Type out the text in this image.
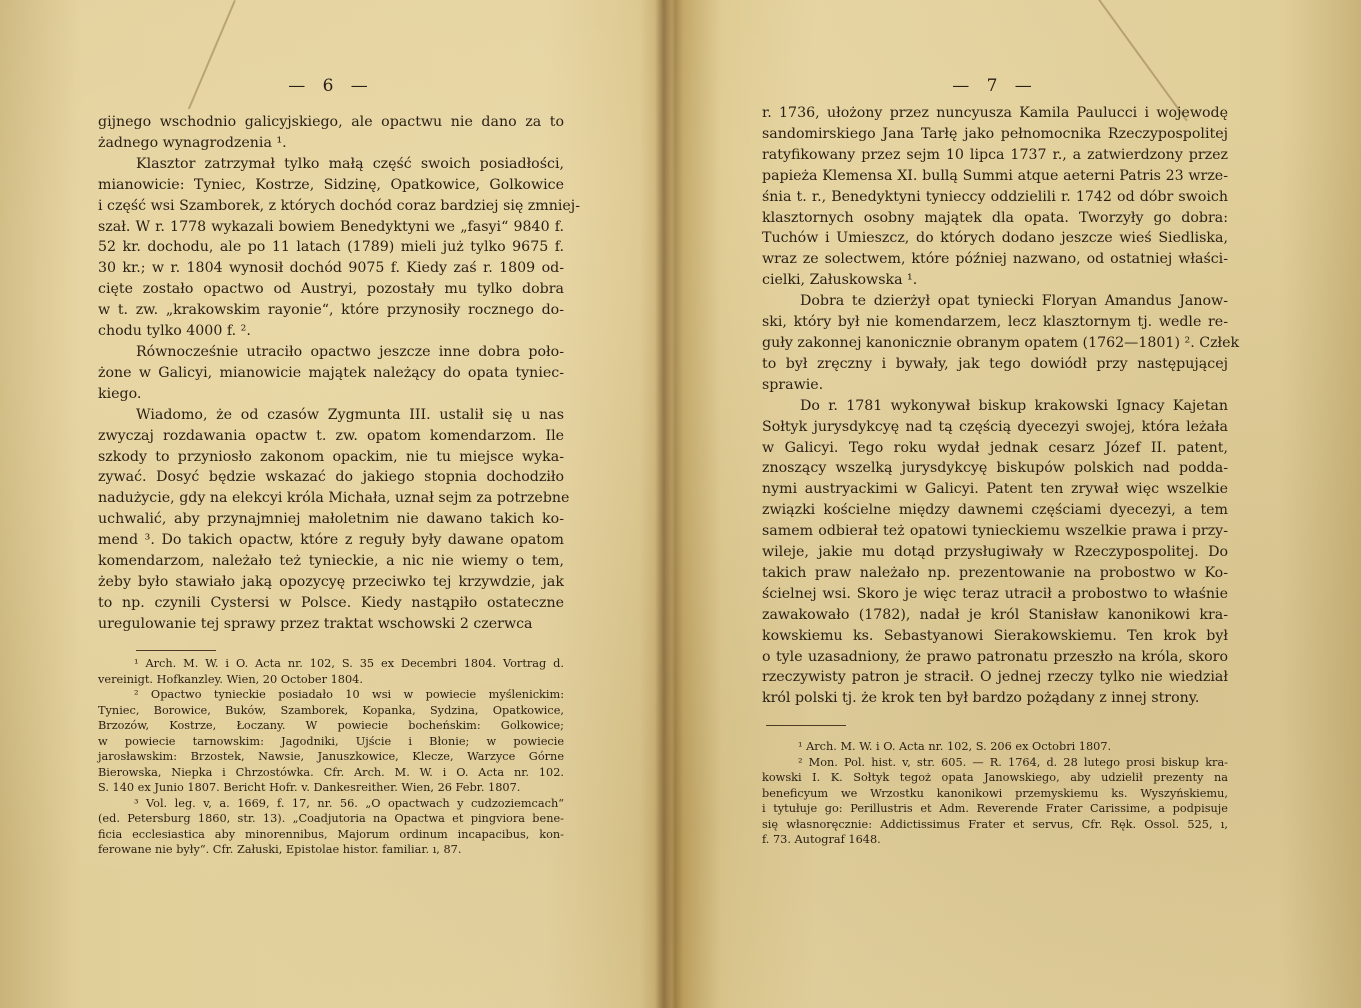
— 6 —

gijnego wschodnio galicyjskiego, ale opactwu nie dano za to
żadnego wynagrodzenia ¹.

Klasztor zatrzymał tylko małą część swoich posiadłości,
mianowicie: Tyniec, Kostrze, Sidzinę, Opatkowice, Golkowice
i część wsi Szamborek, z których dochód coraz bardziej się zmniej-
szał. W r. 1778 wykazali bowiem Benedyktyni we „fasyi“ 9840 f.
52 kr. dochodu, ale po 11 latach (1789) mieli już tylko 9675 f.
30 kr.; w r. 1804 wynosił dochód 9075 f. Kiedy zaś r. 1809 od-
cięte zostało opactwo od Austryi, pozostały mu tylko dobra
w t. zw. „krakowskim rayonie“, które przynosiły rocznego do-
chodu tylko 4000 f. ².

Równocześnie utraciło opactwo jeszcze inne dobra poło-
żone w Galicyi, mianowicie majątek należący do opata tyniec-
kiego.

Wiadomo, że od czasów Zygmunta III. ustalił się u nas
zwyczaj rozdawania opactw t. zw. opatom komendarzom. Ile
szkody to przyniosło zakonom opackim, nie tu miejsce wyka-
zywać. Dosyć będzie wskazać do jakiego stopnia dochodziło
nadużycie, gdy na elekcyi króla Michała, uznał sejm za potrzebne
uchwalić, aby przynajmniej małoletnim nie dawano takich ko-
mend ³. Do takich opactw, które z reguły były dawane opatom
komendarzom, należało też tynieckie, a nic nie wiemy o tem,
żeby było stawiało jaką opozycyę przeciwko tej krzywdzie, jak
to np. czynili Cystersi w Polsce. Kiedy nastąpiło ostateczne
uregulowanie tej sprawy przez traktat wschowski 2 czerwca

¹ Arch. M. W. i O. Acta nr. 102, S. 35 ex Decembri 1804. Vortrag d.
vereinigt. Hofkanzley. Wien, 20 October 1804.
² Opactwo tynieckie posiadało 10 wsi w powiecie myślenickim:
Tyniec, Borowice, Buków, Szamborek, Kopanka, Sydzina, Opatkowice,
Brzozów, Kostrze, Łoczany. W powiecie bocheńskim: Golkowice;
w powiecie tarnowskim: Jagodniki, Ujście i Błonie; w powiecie
jarosławskim: Brzostek, Nawsie, Januszkowice, Klecze, Warzyce Górne
Bierowska, Niepka i Chrzostówka. Cfr. Arch. M. W. i O. Acta nr. 102.
S. 140 ex Junio 1807. Bericht Hofr. v. Dankesreither. Wien, 26 Febr. 1807.
³ Vol. leg. v, a. 1669, f. 17, nr. 56. „O opactwach y cudzoziemcach“
(ed. Petersburg 1860, str. 13). „Coadjutoria na Opactwa et pingviora bene-
ficia ecclesiastica aby minorennibus, Majorum ordinum incapacibus, kon-
ferowane nie były“. Cfr. Załuski, Epistolae histor. familiar. ı, 87.
— 7 —

r. 1736, ułożony przez nuncyusza Kamila Paulucci i wojewodę
sandomirskiego Jana Tarłę jako pełnomocnika Rzeczypospolitej
ratyfikowany przez sejm 10 lipca 1737 r., a zatwierdzony przez
papieża Klemensa XI. bullą Summi atque aeterni Patris 23 wrze-
śnia t. r., Benedyktyni tynieccy oddzielili r. 1742 od dóbr swoich
klasztornych osobny majątek dla opata. Tworzyły go dobra:
Tuchów i Umieszcz, do których dodano jeszcze wieś Siedliska,
wraz ze solectwem, które później nazwano, od ostatniej właści-
cielki, Załuskowska ¹.

Dobra te dzierżył opat tyniecki Floryan Amandus Janow-
ski, który był nie komendarzem, lecz klasztornym tj. wedle re-
guły zakonnej kanonicznie obranym opatem (1762—1801) ². Człek
to był zręczny i bywały, jak tego dowiódł przy następującej
sprawie.

Do r. 1781 wykonywał biskup krakowski Ignacy Kajetan
Sołtyk jurysdykcyę nad tą częścią dyecezyi swojej, która leżała
w Galicyi. Tego roku wydał jednak cesarz Józef II. patent,
znoszący wszelką jurysdykcyę biskupów polskich nad podda-
nymi austryackimi w Galicyi. Patent ten zrywał więc wszelkie
związki kościelne między dawnemi częściami dyecezyi, a tem
samem odbierał też opatowi tynieckiemu wszelkie prawa i przy-
wileje, jakie mu dotąd przysługiwały w Rzeczypospolitej. Do
takich praw należało np. prezentowanie na probostwo w Ko-
ścielnej wsi. Skoro je więc teraz utracił a probostwo to właśnie
zawakowało (1782), nadał je król Stanisław kanonikowi kra-
kowskiemu ks. Sebastyanowi Sierakowskiemu. Ten krok był
o tyle uzasadniony, że prawo patronatu przeszło na króla, skoro
rzeczywisty patron je stracił. O jednej rzeczy tylko nie wiedział
król polski tj. że krok ten był bardzo pożądany z innej strony.

¹ Arch. M. W. i O. Acta nr. 102, S. 206 ex Octobri 1807.
² Mon. Pol. hist. v, str. 605. — R. 1764, d. 28 lutego prosi biskup kra-
kowski I. K. Sołtyk tegoż opata Janowskiego, aby udzielił prezenty na
beneficyum we Wrzostku kanonikowi przemyskiemu ks. Wyszyńskiemu,
i tytułuje go: Perillustris et Adm. Reverende Frater Carissime, a podpisuje
się własnoręcznie: Addictissimus Frater et servus, Cfr. Ręk. Ossol. 525, ı,
f. 73. Autograf 1648.
